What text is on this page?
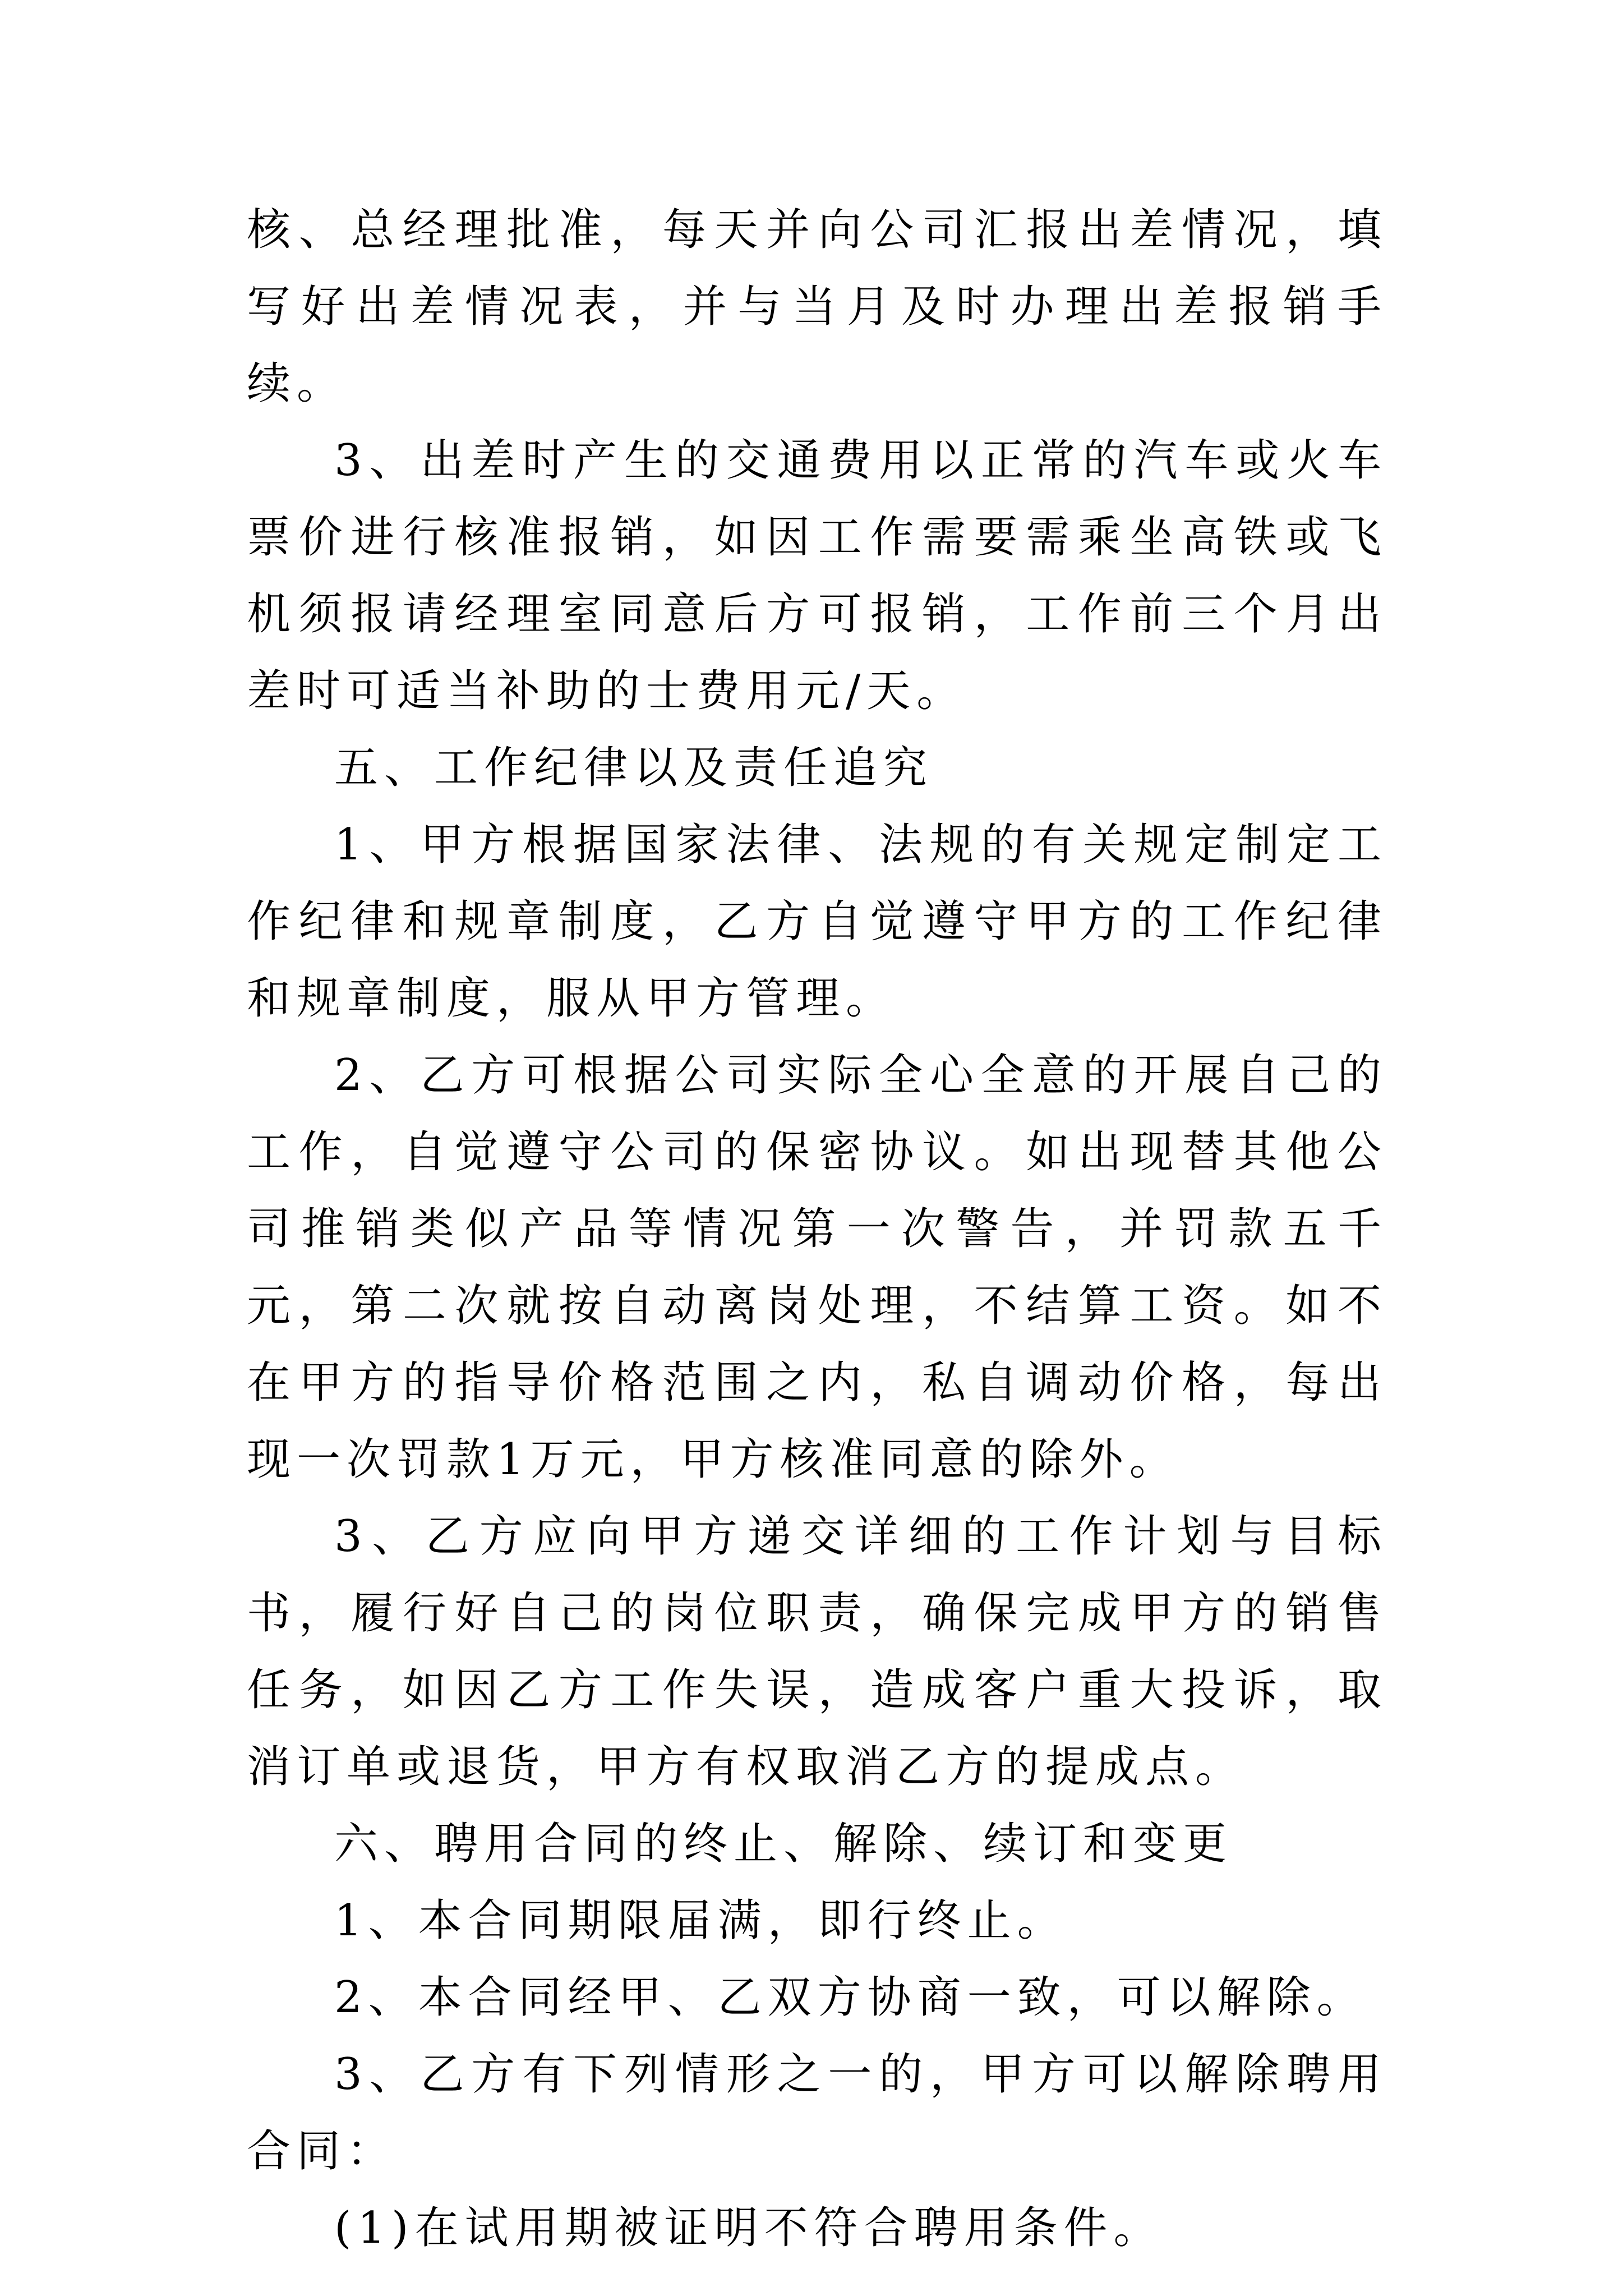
核、总经理批准，每天并向公司汇报出差情况，填写好出差情况表，并与当月及时办理出差报销手续。

3、出差时产生的交通费用以正常的汽车或火车票价进行核准报销，如因工作需要需乘坐高铁或飞机须报请经理室同意后方可报销，工作前三个月出差时可适当补助的士费用元/天。

五、工作纪律以及责任追究

1、甲方根据国家法律、法规的有关规定制定工作纪律和规章制度，乙方自觉遵守甲方的工作纪律和规章制度，服从甲方管理。

2、乙方可根据公司实际全心全意的开展自己的工作，自觉遵守公司的保密协议。如出现替其他公司推销类似产品等情况第一次警告，并罚款五千元，第二次就按自动离岗处理，不结算工资。如不在甲方的指导价格范围之内，私自调动价格，每出现一次罚款1万元，甲方核准同意的除外。

3、乙方应向甲方递交详细的工作计划与目标书，履行好自己的岗位职责，确保完成甲方的销售任务，如因乙方工作失误，造成客户重大投诉，取消订单或退货，甲方有权取消乙方的提成点。

六、聘用合同的终止、解除、续订和变更

1、本合同期限届满，即行终止。

2、本合同经甲、乙双方协商一致，可以解除。

3、乙方有下列情形之一的，甲方可以解除聘用合同：

(1)在试用期被证明不符合聘用条件。
